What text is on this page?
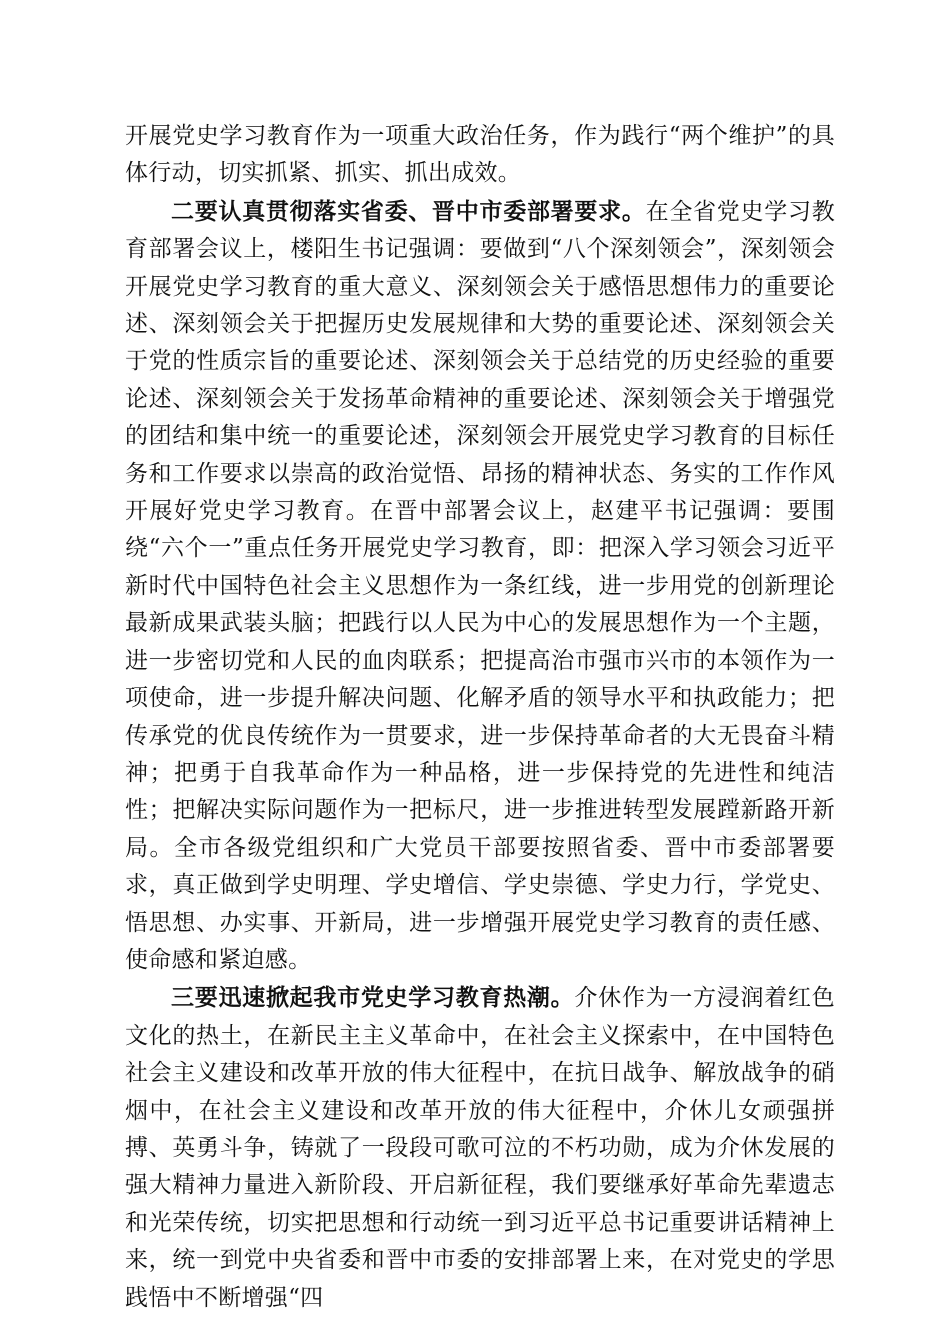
开展党史学习教育作为一项重大政治任务，作为践行“两个维护”的具体行动，切实抓紧、抓实、抓出成效。

二要认真贯彻落实省委、晋中市委部署要求。在全省党史学习教育部署会议上，楼阳生书记强调：要做到“八个深刻领会”，深刻领会开展党史学习教育的重大意义、深刻领会关于感悟思想伟力的重要论述、深刻领会关于把握历史发展规律和大势的重要论述、深刻领会关于党的性质宗旨的重要论述、深刻领会关于总结党的历史经验的重要论述、深刻领会关于发扬革命精神的重要论述、深刻领会关于增强党的团结和集中统一的重要论述，深刻领会开展党史学习教育的目标任务和工作要求以崇高的政治觉悟、昂扬的精神状态、务实的工作作风开展好党史学习教育。在晋中部署会议上，赵建平书记强调：要围绕“六个一”重点任务开展党史学习教育，即：把深入学习领会习近平新时代中国特色社会主义思想作为一条红线，进一步用党的创新理论最新成果武装头脑；把践行以人民为中心的发展思想作为一个主题，进一步密切党和人民的血肉联系；把提高治市强市兴市的本领作为一项使命，进一步提升解决问题、化解矛盾的领导水平和执政能力；把传承党的优良传统作为一贯要求，进一步保持革命者的大无畏奋斗精神；把勇于自我革命作为一种品格，进一步保持党的先进性和纯洁性；把解决实际问题作为一把标尺，进一步推进转型发展蹚新路开新局。全市各级党组织和广大党员干部要按照省委、晋中市委部署要求，真正做到学史明理、学史增信、学史崇德、学史力行，学党史、悟思想、办实事、开新局，进一步增强开展党史学习教育的责任感、使命感和紧迫感。

三要迅速掀起我市党史学习教育热潮。介休作为一方浸润着红色文化的热土，在新民主主义革命中，在社会主义探索中，在中国特色社会主义建设和改革开放的伟大征程中，在抗日战争、解放战争的硝烟中，在社会主义建设和改革开放的伟大征程中，介休儿女顽强拼搏、英勇斗争，铸就了一段段可歌可泣的不朽功勋，成为介休发展的强大精神力量进入新阶段、开启新征程，我们要继承好革命先辈遗志和光荣传统，切实把思想和行动统一到习近平总书记重要讲话精神上来，统一到党中央省委和晋中市委的安排部署上来，在对党史的学思践悟中不断增强“四
